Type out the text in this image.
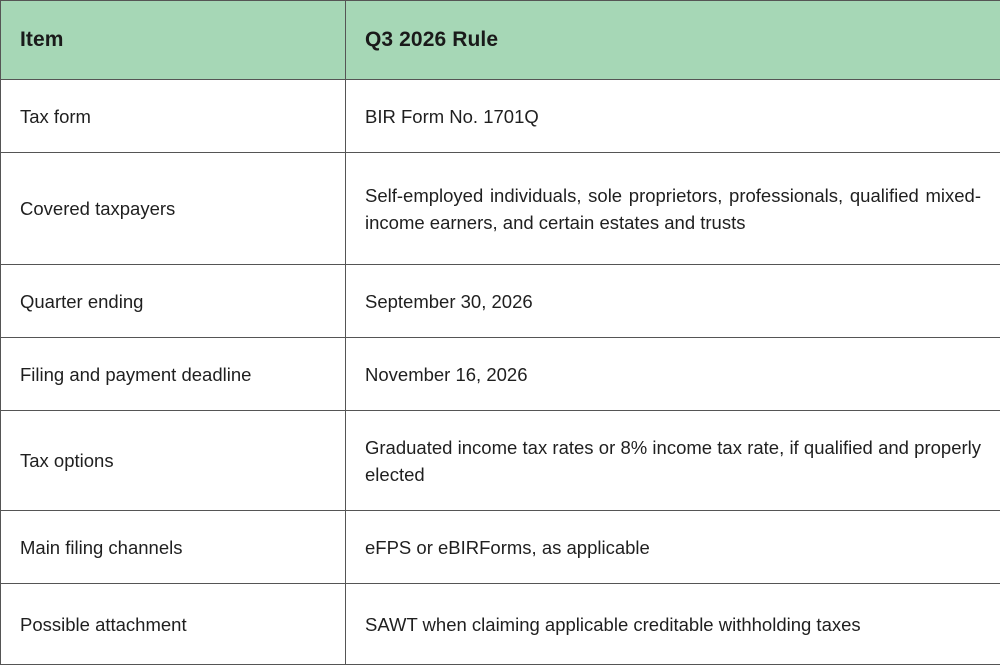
Item	Q3 2026 Rule
Tax form	BIR Form No. 1701Q
Covered taxpayers	Self-employed individuals, sole proprietors, professionals, qualified mixed-income earners, and certain estates and trusts
Quarter ending	September 30, 2026
Filing and payment deadline	November 16, 2026
Tax options	Graduated income tax rates or 8% income tax rate, if qualified and properly elected
Main filing channels	eFPS or eBIRForms, as applicable
Possible attachment	SAWT when claiming applicable creditable withholding taxes
